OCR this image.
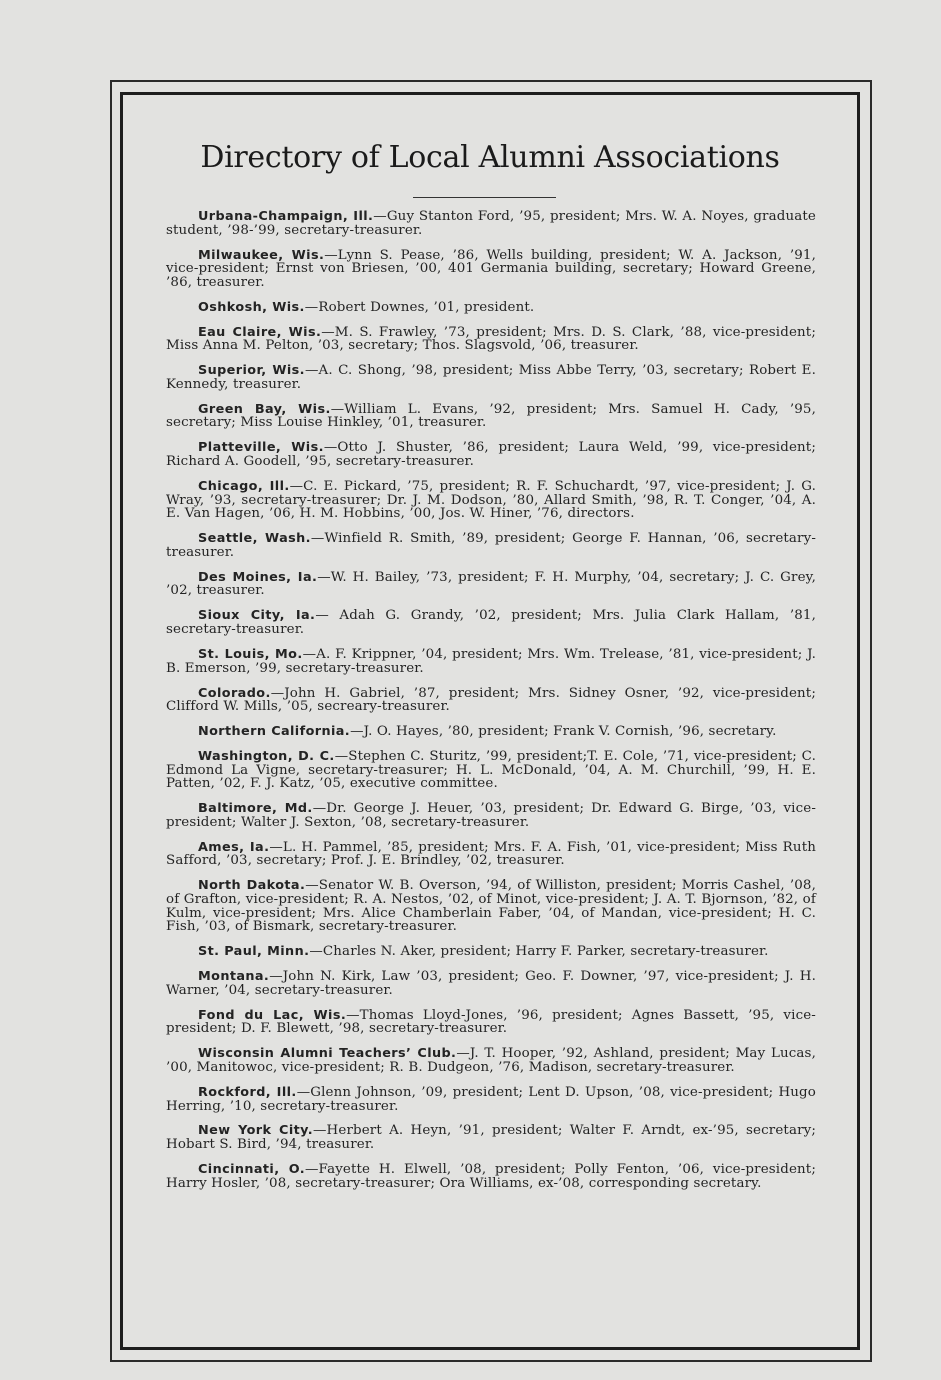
Directory of Local Alumni Associations

Urbana-Champaign, Ill.—Guy Stanton Ford, ’95, president; Mrs. W. A. Noyes, graduate student, ’98-’99, secretary-treasurer.

Milwaukee, Wis.—Lynn S. Pease, ’86, Wells building, president; W. A. Jackson, ’91, vice-president; Ernst von Briesen, ’00, 401 Germania building, secretary; Howard Greene, ’86, treasurer.

Oshkosh, Wis.—Robert Downes, ’01, president.

Eau Claire, Wis.—M. S. Frawley, ’73, president; Mrs. D. S. Clark, ’88, vice-president; Miss Anna M. Pelton, ’03, secretary; Thos. Slagsvold, ’06, treasurer.

Superior, Wis.—A. C. Shong, ’98, president; Miss Abbe Terry, ’03, secretary; Robert E. Kennedy, treasurer.

Green Bay, Wis.—William L. Evans, ’92, president; Mrs. Samuel H. Cady, ’95, secretary; Miss Louise Hinkley, ’01, treasurer.

Platteville, Wis.—Otto J. Shuster, ’86, president; Laura Weld, ’99, vice-president; Richard A. Goodell, ’95, secretary-treasurer.

Chicago, Ill.—C. E. Pickard, ’75, president; R. F. Schuchardt, ’97, vice-president; J. G. Wray, ’93, secretary-treasurer; Dr. J. M. Dodson, ’80, Allard Smith, ’98, R. T. Conger, ’04, A. E. Van Hagen, ’06, H. M. Hobbins, ’00, Jos. W. Hiner, ’76, directors.

Seattle, Wash.—Winfield R. Smith, ’89, president; George F. Hannan, ’06, secretary-treasurer.

Des Moines, Ia.—W. H. Bailey, ’73, president; F. H. Murphy, ’04, secretary; J. C. Grey, ’02, treasurer.

Sioux City, Ia.— Adah G. Grandy, ’02, president; Mrs. Julia Clark Hallam, ’81, secretary-treasurer.

St. Louis, Mo.—A. F. Krippner, ’04, president; Mrs. Wm. Trelease, ’81, vice-president; J. B. Emerson, ’99, secretary-treasurer.

Colorado.—John H. Gabriel, ’87, president; Mrs. Sidney Osner, ’92, vice-president; Clifford W. Mills, ’05, secreary-treasurer.

Northern California.—J. O. Hayes, ’80, president; Frank V. Cornish, ’96, secretary.

Washington, D. C.—Stephen C. Sturitz, ’99, president;T. E. Cole, ’71, vice-president; C. Edmond La Vigne, secretary-treasurer; H. L. McDonald, ’04, A. M. Churchill, ’99, H. E. Patten, ’02, F. J. Katz, ’05, executive committee.

Baltimore, Md.—Dr. George J. Heuer, ’03, president; Dr. Edward G. Birge, ’03, vice-president; Walter J. Sexton, ’08, secretary-treasurer.

Ames, Ia.—L. H. Pammel, ’85, president; Mrs. F. A. Fish, ’01, vice-president; Miss Ruth Safford, ’03, secretary; Prof. J. E. Brindley, ’02, treasurer.

North Dakota.—Senator W. B. Overson, ’94, of Williston, president; Morris Cashel, ’08, of Grafton, vice-president; R. A. Nestos, ’02, of Minot, vice-president; J. A. T. Bjornson, ’82, of Kulm, vice-president; Mrs. Alice Chamberlain Faber, ’04, of Mandan, vice-president; H. C. Fish, ’03, of Bismark, secretary-treasurer.

St. Paul, Minn.—Charles N. Aker, president; Harry F. Parker, secretary-treasurer.

Montana.—John N. Kirk, Law ’03, president; Geo. F. Downer, ’97, vice-president; J. H. Warner, ’04, secretary-treasurer.

Fond du Lac, Wis.—Thomas Lloyd-Jones, ’96, president; Agnes Bassett, ’95, vice-president; D. F. Blewett, ’98, secretary-treasurer.

Wisconsin Alumni Teachers’ Club.—J. T. Hooper, ’92, Ashland, president; May Lucas, ’00, Manitowoc, vice-president; R. B. Dudgeon, ’76, Madison, secretary-treasurer.

Rockford, Ill.—Glenn Johnson, ’09, president; Lent D. Upson, ’08, vice-president; Hugo Herring, ’10, secretary-treasurer.

New York City.—Herbert A. Heyn, ’91, president; Walter F. Arndt, ex-’95, secretary; Hobart S. Bird, ’94, treasurer.

Cincinnati, O.—Fayette H. Elwell, ’08, president; Polly Fenton, ’06, vice-president; Harry Hosler, ’08, secretary-treasurer; Ora Williams, ex-’08, corresponding secretary.
